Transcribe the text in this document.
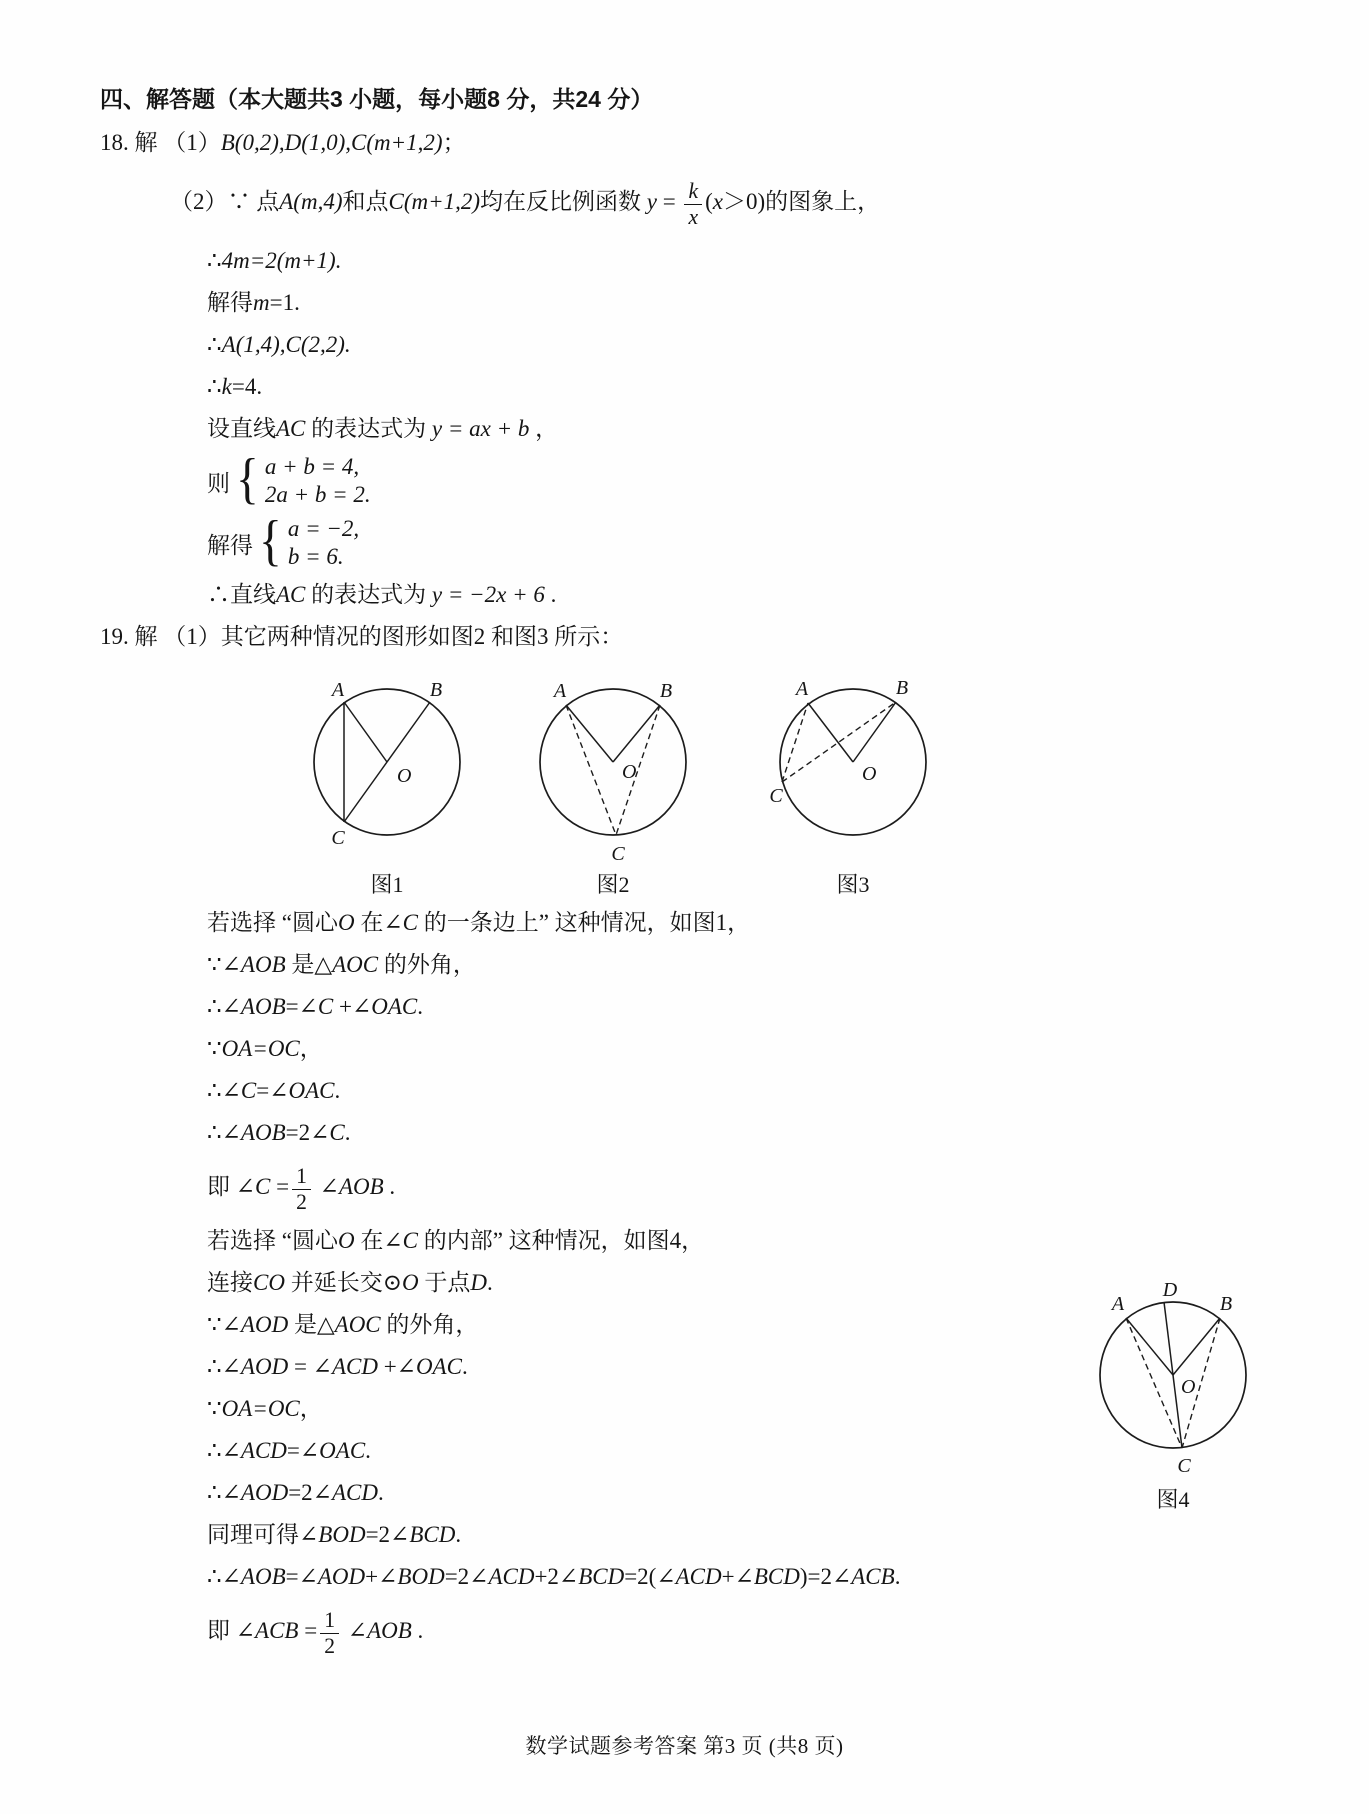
四、解答题（本大题共3 小题，每小题8 分，共24 分）
18. 解 （1）B(0,2),D(1,0),C(m+1,2)；
（2）∵ 点A(m,4)和点C(m+1,2)均在反比例函数 $y = \frac{k}{x} (x>0)$的图象上，
∴4m=2(m+1).
解得m=1.
∴A(1,4),C(2,2).
∴k=4.
设直线AC 的表达式为 y = ax + b ，
则 { a + b = 4,
2a + b = 2.
解得 { a = −2,
b = 6.
∴直线AC 的表达式为 y = −2x + 6 .
19. 解 （1）其它两种情况的图形如图2 和图3 所示：
A	B
O
C
图1
A	B
O
C
图2
A	B
O
C
图3
若选择 “圆心O 在∠C 的一条边上” 这种情况，如图1，
∵∠AOB 是△AOC 的外角，
∴∠AOB=∠C +∠OAC.
∵OA=OC，
∴∠C=∠OAC.
∴∠AOB=2∠C.
即 ∠C = $\frac{1}{2}$ ∠AOB .
若选择 “圆心O 在∠C 的内部” 这种情况，如图4，
连接CO 并延长交⊙O 于点D.
∵∠AOD 是△AOC 的外角，
∴∠AOD = ∠ACD +∠OAC.
∵OA=OC，
∴∠ACD=∠OAC.
∴∠AOD=2∠ACD.
同理可得∠BOD=2∠BCD.
∴∠AOB=∠AOD+∠BOD=2∠ACD+2∠BCD=2(∠ACD+∠BCD)=2∠ACB.
即 ∠ACB = $\frac{1}{2}$ ∠AOB .
D
A	B
O
C
图4
数学试题参考答案 第3 页 (共8 页)
